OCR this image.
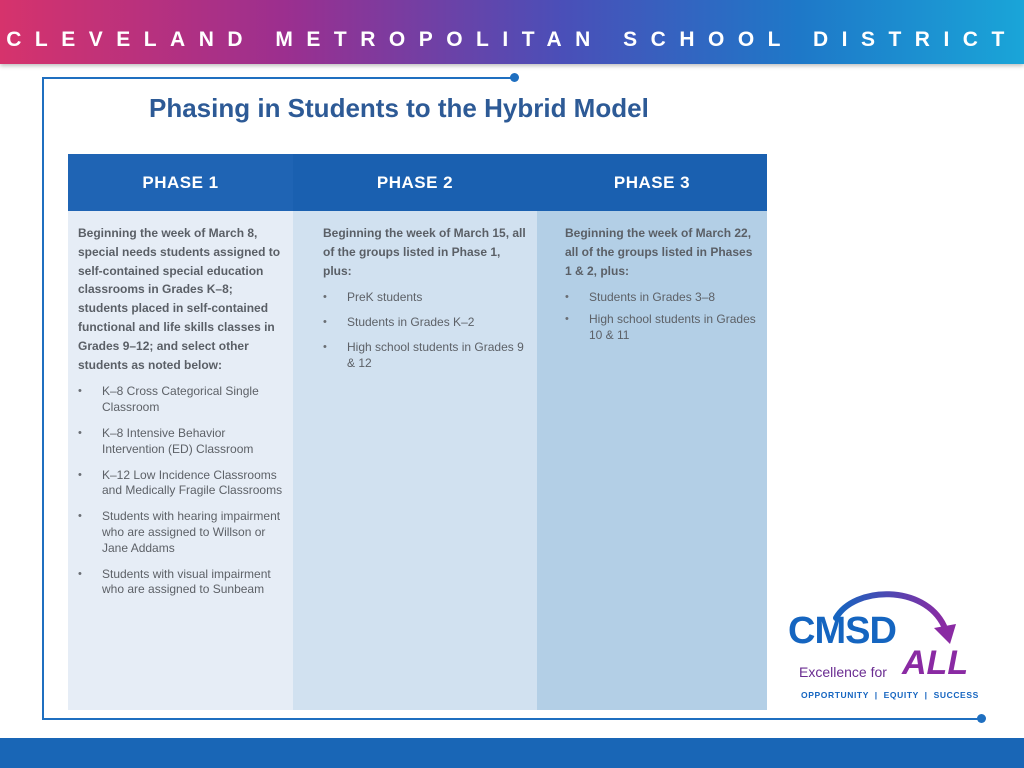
CLEVELAND METROPOLITAN SCHOOL DISTRICT
Phasing in Students to the Hybrid Model
PHASE 1

Beginning the week of March 8, special needs students assigned to self-contained special education classrooms in Grades K–8; students placed in self-contained functional and life skills classes in Grades 9–12; and select other students as noted below:

• K–8 Cross Categorical Single Classroom
• K–8 Intensive Behavior Intervention (ED) Classroom
• K–12 Low Incidence Classrooms and Medically Fragile Classrooms
• Students with hearing impairment who are assigned to Willson or Jane Addams
• Students with visual impairment who are assigned to Sunbeam
PHASE 2

Beginning the week of March 15, all of the groups listed in Phase 1, plus:

• PreK students
• Students in Grades K–2
• High school students in Grades 9 & 12
PHASE 3

Beginning the week of March 22, all of the groups listed in Phases 1 & 2, plus:

• Students in Grades 3–8
• High school students in Grades 10 & 11
CMSD
Excellence for ALL
OPPORTUNITY  |  EQUITY  |  SUCCESS
